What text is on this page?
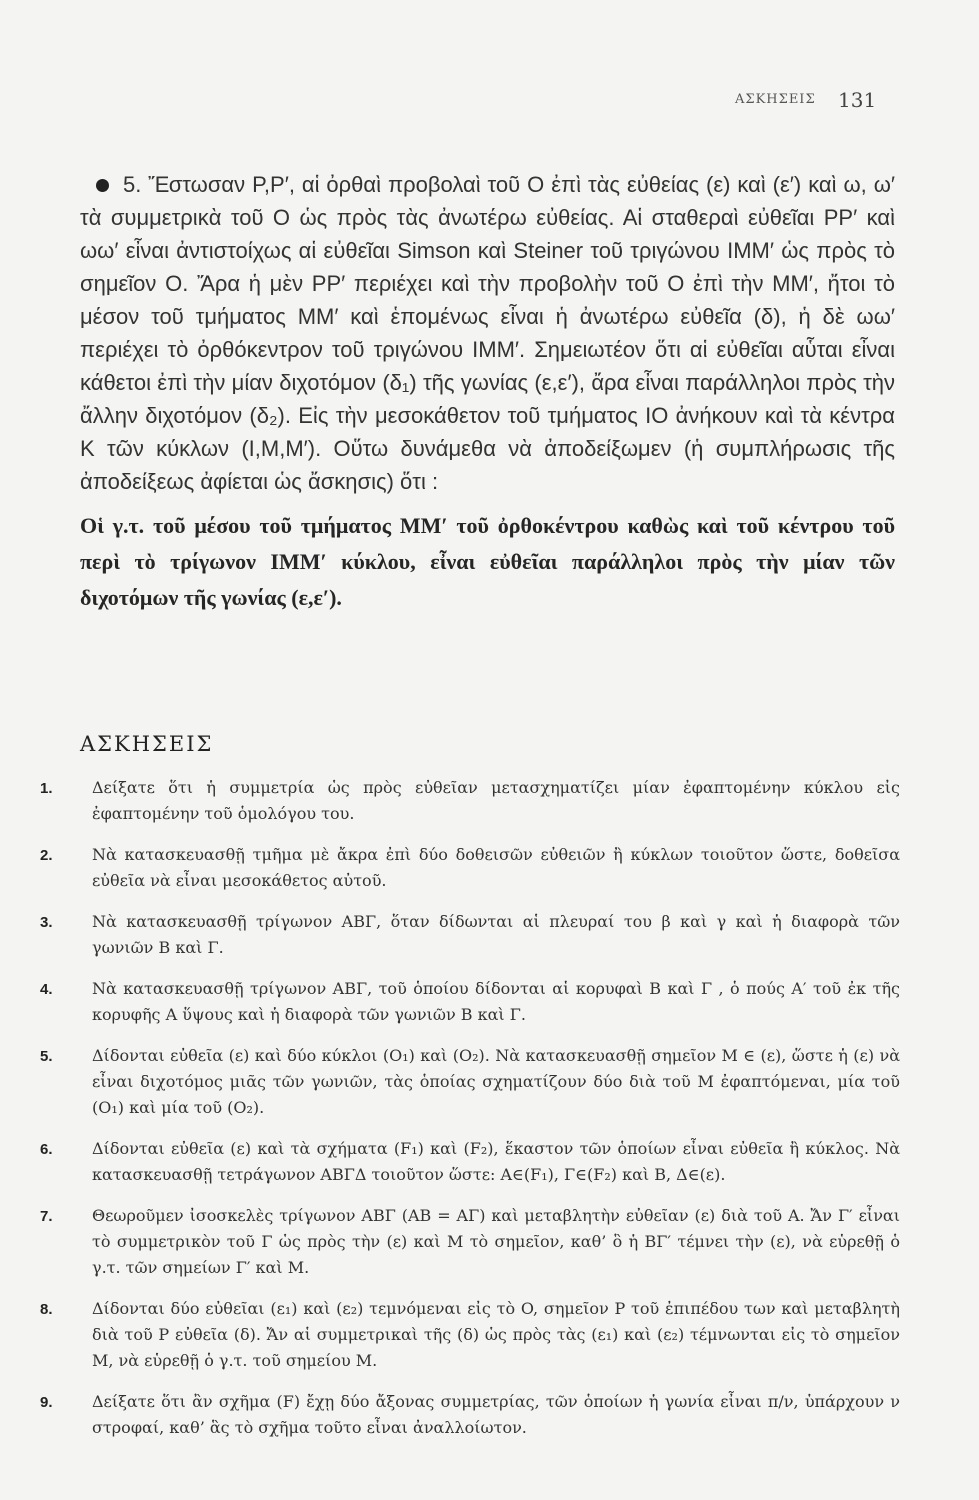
ΑΣΚΗΣΕΙΣ 131

5. Ἔστωσαν P,P′, αἱ ὀρθαὶ προβολαὶ τοῦ O ἐπὶ τὰς εὐθείας (ε) καὶ (ε′) καὶ ω, ω′ τὰ συμμετρικὰ τοῦ O ὡς πρὸς τὰς ἀνωτέρω εὐθείας. Αἱ σταθεραὶ εὐθεῖαι PP′ καὶ ωω′ εἶναι ἀντιστοίχως αἱ εὐθεῖαι Simson καὶ Steiner τοῦ τριγώνου IMM′ ὡς πρὸς τὸ σημεῖον O. Ἄρα ἡ μὲν PP′ περιέχει καὶ τὴν προβολὴν τοῦ O ἐπὶ τὴν MM′, ἤτοι τὸ μέσον τοῦ τμήματος MM′ καὶ ἑπομένως εἶναι ἡ ἀνωτέρω εὐθεῖα (δ), ἡ δὲ ωω′ περιέχει τὸ ὀρθόκεντρον τοῦ τριγώνου IMM′. Σημειωτέον ὅτι αἱ εὐθεῖαι αὗται εἶναι κάθετοι ἐπὶ τὴν μίαν διχοτόμον (δ₁) τῆς γωνίας (ε,ε′), ἄρα εἶναι παράλληλοι πρὸς τὴν ἄλλην διχοτόμον (δ₂). Εἰς τὴν μεσοκάθετον τοῦ τμήματος IO ἀνήκουν καὶ τὰ κέντρα K τῶν κύκλων (I,M,M′). Οὕτω δυνάμεθα νὰ ἀποδείξωμεν (ἡ συμπλήρωσις τῆς ἀποδείξεως ἀφίεται ὡς ἄσκησις) ὅτι :

Οἱ γ.τ. τοῦ μέσου τοῦ τμήματος MM′ τοῦ ὀρθοκέντρου καθὼς καὶ τοῦ κέντρου τοῦ περὶ τὸ τρίγωνον IMM′ κύκλου, εἶναι εὐθεῖαι παράλληλοι πρὸς τὴν μίαν τῶν διχοτόμων τῆς γωνίας (ε,ε′).
ΑΣΚΗΣΕΙΣ
1.	Δείξατε ὅτι ἡ συμμετρία ὡς πρὸς εὐθεῖαν μετασχηματίζει μίαν ἐφαπτομένην κύκλου εἰς ἐφαπτομένην τοῦ ὁμολόγου του.
2.	Νὰ κατασκευασθῇ τμῆμα μὲ ἄκρα ἐπὶ δύο δοθεισῶν εὐθειῶν ἢ κύκλων τοιοῦτον ὥστε, δοθεῖσα εὐθεῖα νὰ εἶναι μεσοκάθετος αὐτοῦ.
3.	Νὰ κατασκευασθῇ τρίγωνον ΑΒΓ, ὅταν δίδωνται αἱ πλευραί του β καὶ γ καὶ ἡ διαφορὰ τῶν γωνιῶν Β καὶ Γ.
4.	Νὰ κατασκευασθῇ τρίγωνον ΑΒΓ, τοῦ ὁποίου δίδονται αἱ κορυφαὶ Β καὶ Γ , ὁ πούς Α′ τοῦ ἐκ τῆς κορυφῆς Α ὕψους καὶ ἡ διαφορὰ τῶν γωνιῶν Β καὶ Γ.
5.	Δίδονται εὐθεῖα (ε) καὶ δύο κύκλοι (O₁) καὶ (O₂). Νὰ κατασκευασθῇ σημεῖον M ∈ (ε), ὥστε ἡ (ε) νὰ εἶναι διχοτόμος μιᾶς τῶν γωνιῶν, τὰς ὁποίας σχηματίζουν δύο διὰ τοῦ M ἐφαπτόμεναι, μία τοῦ (O₁) καὶ μία τοῦ (O₂).
6.	Δίδονται εὐθεῖα (ε) καὶ τὰ σχήματα (F₁) καὶ (F₂), ἕκαστον τῶν ὁποίων εἶναι εὐθεῖα ἢ κύκλος. Νὰ κατασκευασθῇ τετράγωνον ΑΒΓΔ τοιοῦτον ὥστε: Α∈(F₁), Γ∈(F₂) καὶ Β, Δ∈(ε).
7.	Θεωροῦμεν ἰσοσκελὲς τρίγωνον ΑΒΓ (ΑΒ = ΑΓ) καὶ μεταβλητὴν εὐθεῖαν (ε) διὰ τοῦ Α. Ἄν Γ′ εἶναι τὸ συμμετρικὸν τοῦ Γ ὡς πρὸς τὴν (ε) καὶ M τὸ σημεῖον, καθ’ ὃ ἡ ΒΓ′ τέμνει τὴν (ε), νὰ εὑρεθῇ ὁ γ.τ. τῶν σημείων Γ′ καὶ M.
8.	Δίδονται δύο εὐθεῖαι (ε₁) καὶ (ε₂) τεμνόμεναι εἰς τὸ O, σημεῖον P τοῦ ἐπιπέδου των καὶ μεταβλητὴ διὰ τοῦ P εὐθεῖα (δ). Ἄν αἱ συμμετρικαὶ τῆς (δ) ὡς πρὸς τὰς (ε₁) καὶ (ε₂) τέμνωνται εἰς τὸ σημεῖον M, νὰ εὑρεθῇ ὁ γ.τ. τοῦ σημείου M.
9.	Δείξατε ὅτι ἂν σχῆμα (F) ἔχῃ δύο ἄξονας συμμετρίας, τῶν ὁποίων ἡ γωνία εἶναι π/ν, ὑπάρχουν ν στροφαί, καθ’ ἃς τὸ σχῆμα τοῦτο εἶναι ἀναλλοίωτον.
